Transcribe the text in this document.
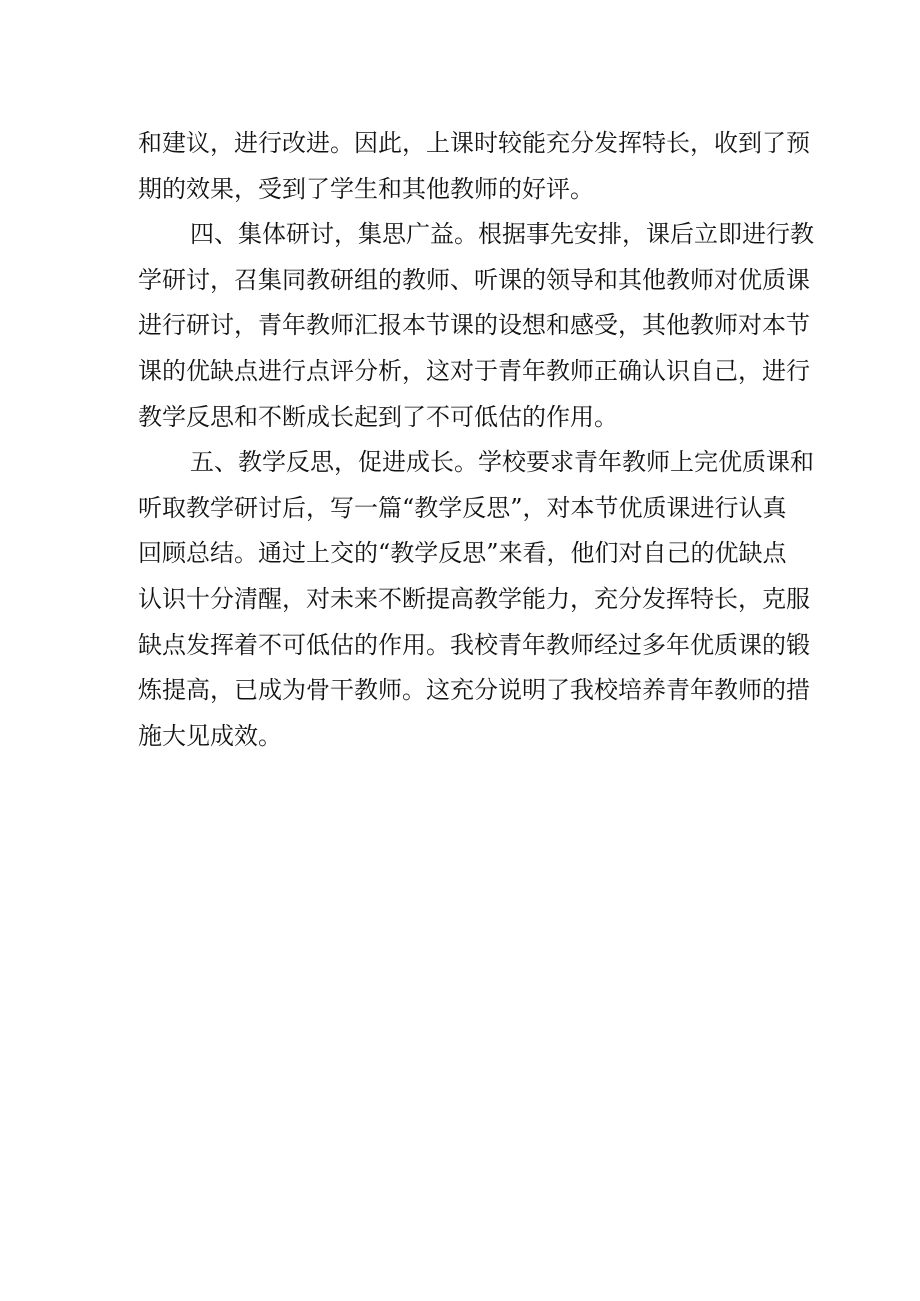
和建议，进行改进。因此，上课时较能充分发挥特长，收到了预
期的效果，受到了学生和其他教师的好评。
四、集体研讨，集思广益。根据事先安排，课后立即进行教
学研讨，召集同教研组的教师、听课的领导和其他教师对优质课
进行研讨，青年教师汇报本节课的设想和感受，其他教师对本节
课的优缺点进行点评分析，这对于青年教师正确认识自己，进行
教学反思和不断成长起到了不可低估的作用。
五、教学反思，促进成长。学校要求青年教师上完优质课和
听取教学研讨后，写一篇“教学反思”，对本节优质课进行认真
回顾总结。通过上交的“教学反思”来看，他们对自己的优缺点
认识十分清醒，对未来不断提高教学能力，充分发挥特长，克服
缺点发挥着不可低估的作用。我校青年教师经过多年优质课的锻
炼提高，已成为骨干教师。这充分说明了我校培养青年教师的措
施大见成效。
